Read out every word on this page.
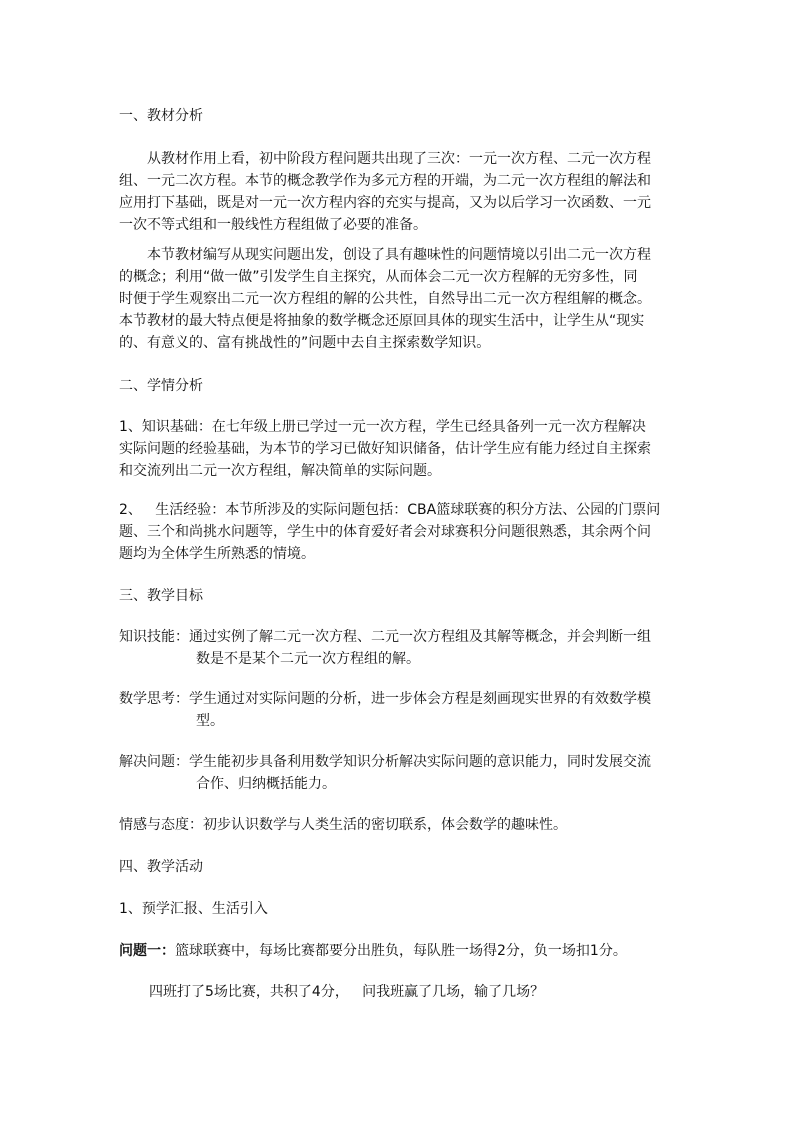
一、教材分析
从教材作用上看，初中阶段方程问题共出现了三次：一元一次方程、二元一次方程
组、一元二次方程。本节的概念教学作为多元方程的开端，为二元一次方程组的解法和
应用打下基础，既是对一元一次方程内容的充实与提高，又为以后学习一次函数、一元
一次不等式组和一般线性方程组做了必要的准备。
本节教材编写从现实问题出发，创设了具有趣味性的问题情境以引出二元一次方程
的概念；利用“做一做”引发学生自主探究，从而体会二元一次方程解的无穷多性，同
时便于学生观察出二元一次方程组的解的公共性，自然导出二元一次方程组解的概念。
本节教材的最大特点便是将抽象的数学概念还原回具体的现实生活中，让学生从“现实
的、有意义的、富有挑战性的”问题中去自主探索数学知识。
二、学情分析
1、知识基础：在七年级上册已学过一元一次方程，学生已经具备列一元一次方程解决
实际问题的经验基础，为本节的学习已做好知识储备，估计学生应有能力经过自主探索
和交流列出二元一次方程组，解决简单的实际问题。
2、   生活经验：本节所涉及的实际问题包括：CBA篮球联赛的积分方法、公园的门票问
题、三个和尚挑水问题等，学生中的体育爱好者会对球赛积分问题很熟悉，其余两个问
题均为全体学生所熟悉的情境。
三、教学目标
知识技能：通过实例了解二元一次方程、二元一次方程组及其解等概念，并会判断一组
数是不是某个二元一次方程组的解。
数学思考：学生通过对实际问题的分析，进一步体会方程是刻画现实世界的有效数学模
型。
解决问题：学生能初步具备利用数学知识分析解决实际问题的意识能力，同时发展交流
合作、归纳概括能力。
情感与态度：初步认识数学与人类生活的密切联系，体会数学的趣味性。
四、教学活动
1、预学汇报、生活引入
问题一：篮球联赛中，每场比赛都要分出胜负，每队胜一场得2分，负一场扣1分。
四班打了5场比赛，共积了4分，   问我班赢了几场，输了几场？
